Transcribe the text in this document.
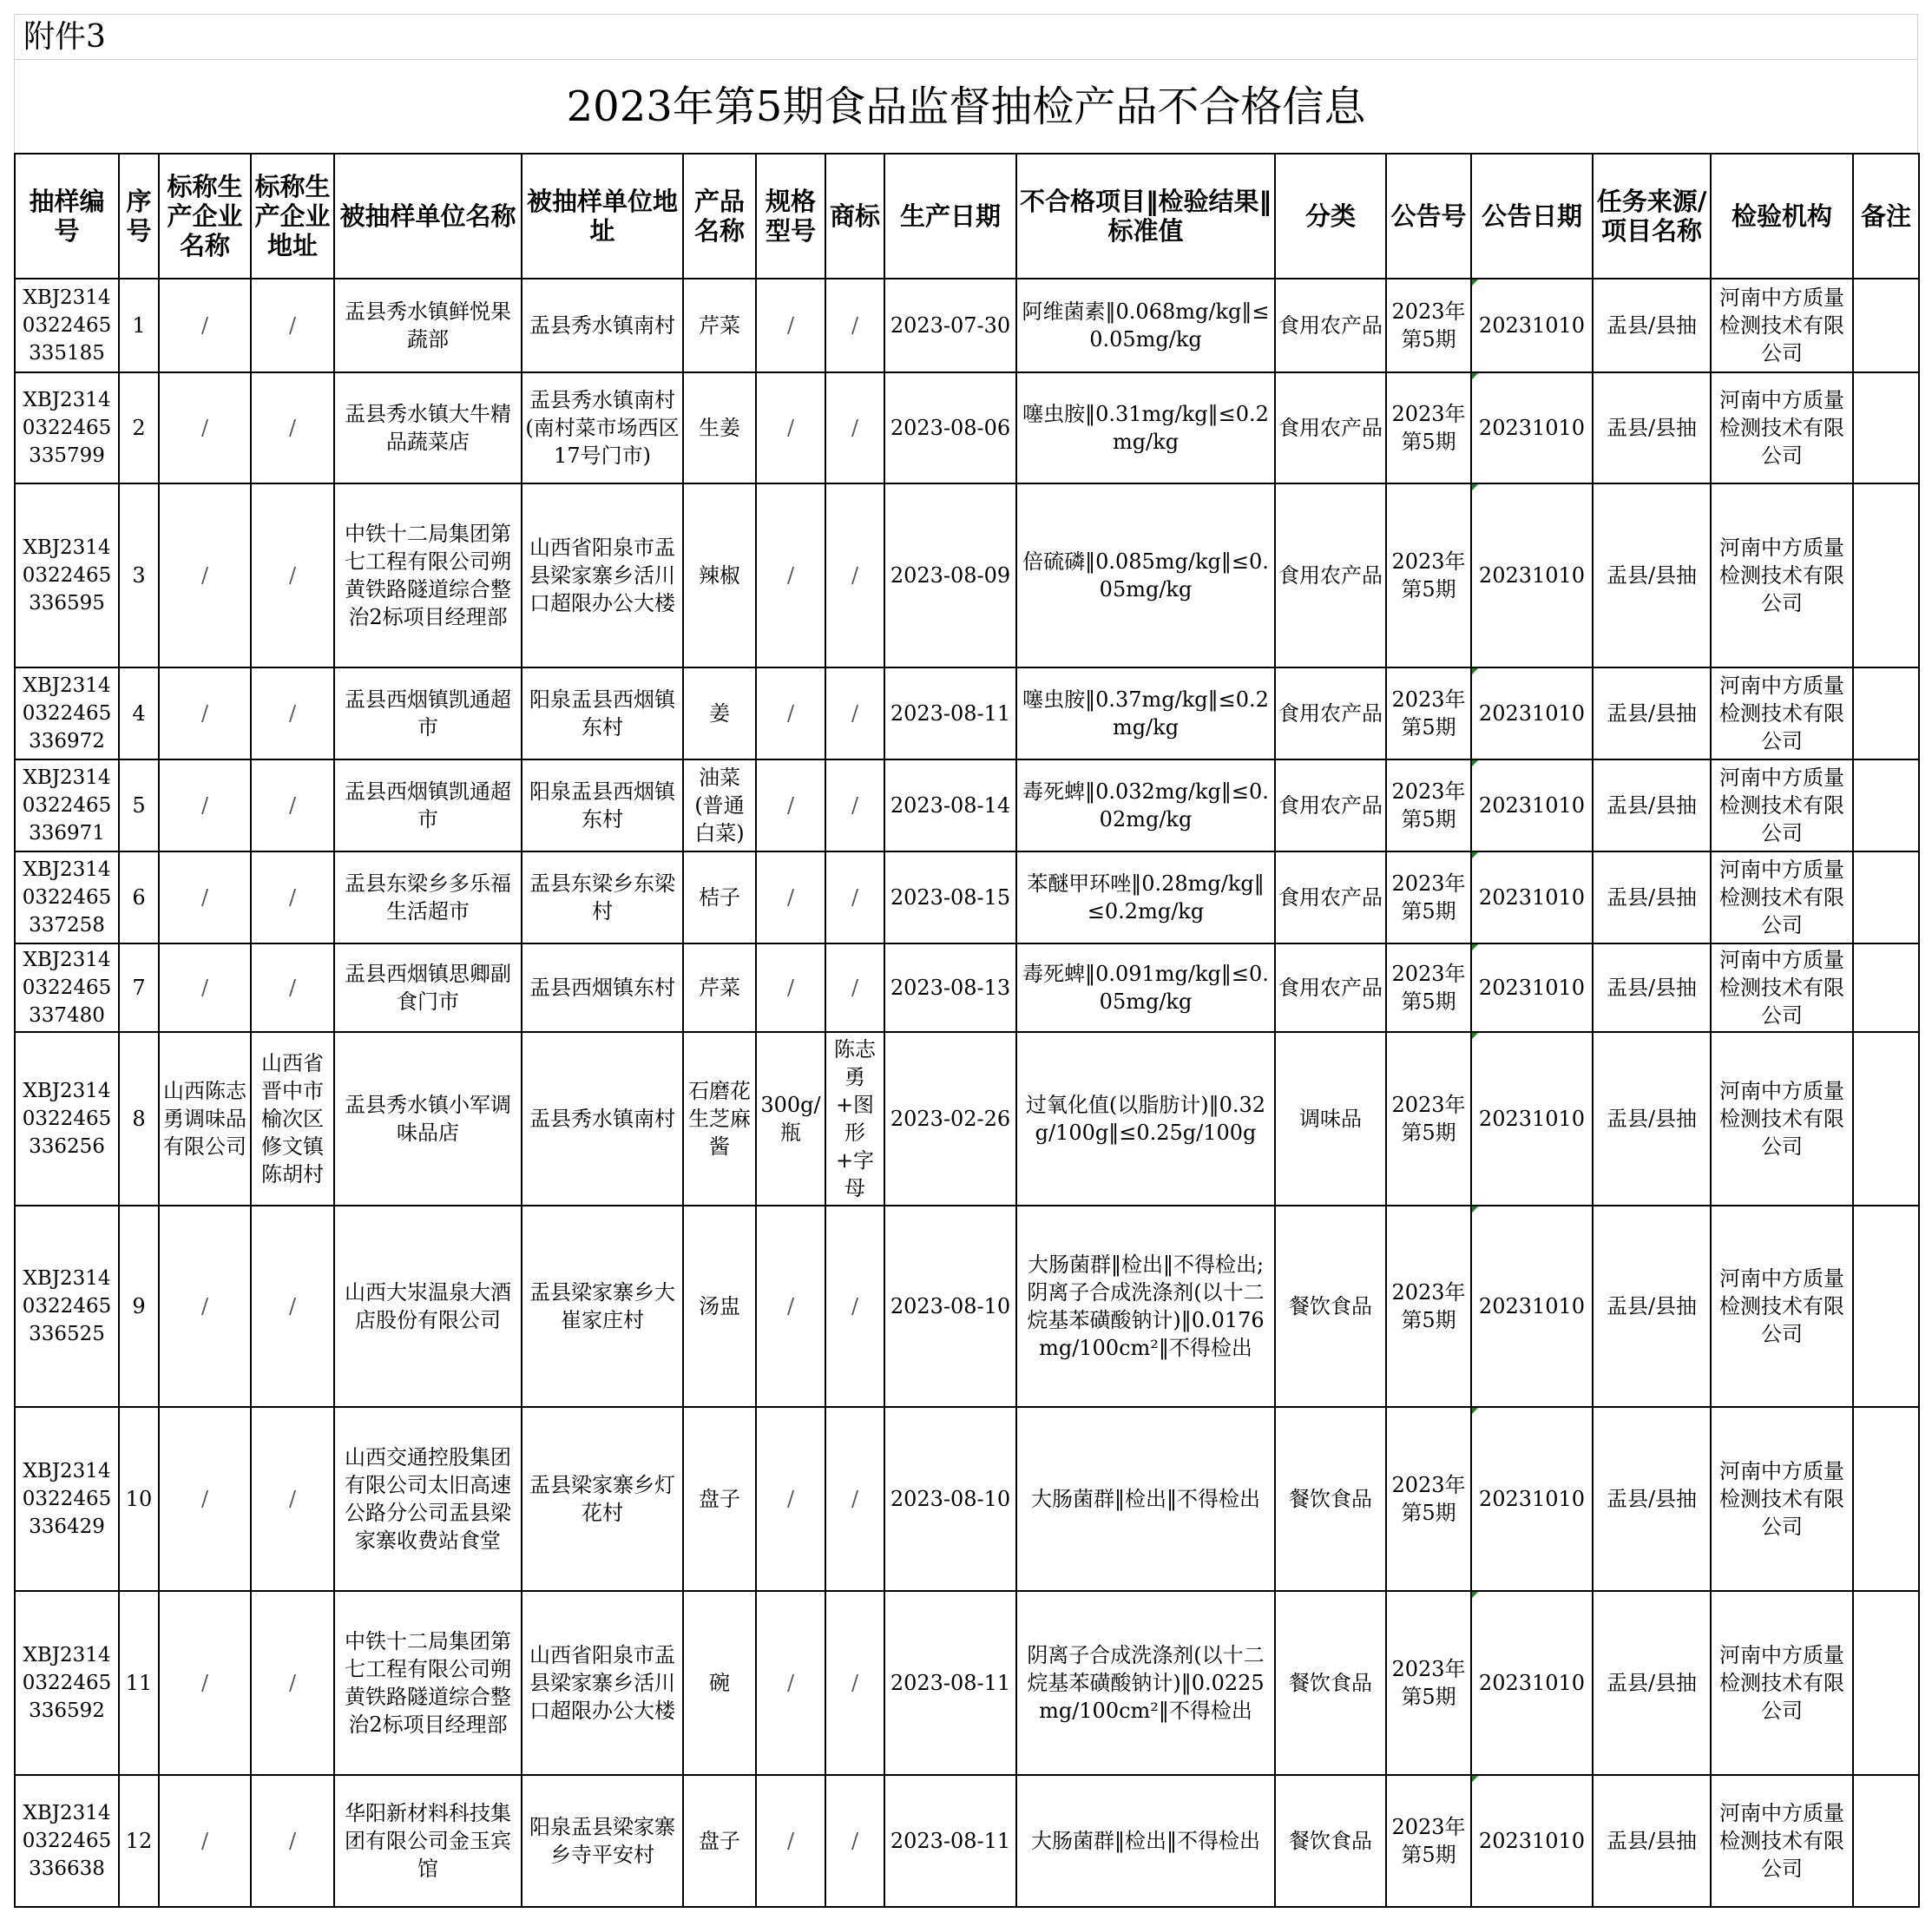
附件3
2023年第5期食品监督抽检产品不合格信息
抽样编号	序号	标称生产企业名称	标称生产企业地址	被抽样单位名称	被抽样单位地址	产品名称	规格型号	商标	生产日期	不合格项目‖检验结果‖标准值	分类	公告号	公告日期	任务来源/项目名称	检验机构	备注
XBJ23140322465335185	1	/	/	盂县秀水镇鲜悦果蔬部	盂县秀水镇南村	芹菜	/	/	2023-07-30	阿维菌素‖0.068mg/kg‖≤0.05mg/kg	食用农产品	2023年第5期	20231010	盂县/县抽	河南中方质量检测技术有限公司	
XBJ23140322465335799	2	/	/	盂县秀水镇大牛精品蔬菜店	盂县秀水镇南村(南村菜市场西区17号门市)	生姜	/	/	2023-08-06	噻虫胺‖0.31mg/kg‖≤0.2mg/kg	食用农产品	2023年第5期	20231010	盂县/县抽	河南中方质量检测技术有限公司	
XBJ23140322465336595	3	/	/	中铁十二局集团第七工程有限公司朔黄铁路隧道综合整治2标项目经理部	山西省阳泉市盂县梁家寨乡活川口超限办公大楼	辣椒	/	/	2023-08-09	倍硫磷‖0.085mg/kg‖≤0.05mg/kg	食用农产品	2023年第5期	20231010	盂县/县抽	河南中方质量检测技术有限公司	
XBJ23140322465336972	4	/	/	盂县西烟镇凯通超市	阳泉盂县西烟镇东村	姜	/	/	2023-08-11	噻虫胺‖0.37mg/kg‖≤0.2mg/kg	食用农产品	2023年第5期	20231010	盂县/县抽	河南中方质量检测技术有限公司	
XBJ23140322465336971	5	/	/	盂县西烟镇凯通超市	阳泉盂县西烟镇东村	油菜(普通白菜)	/	/	2023-08-14	毒死蜱‖0.032mg/kg‖≤0.02mg/kg	食用农产品	2023年第5期	20231010	盂县/县抽	河南中方质量检测技术有限公司	
XBJ23140322465337258	6	/	/	盂县东梁乡多乐福生活超市	盂县东梁乡东梁村	桔子	/	/	2023-08-15	苯醚甲环唑‖0.28mg/kg‖≤0.2mg/kg	食用农产品	2023年第5期	20231010	盂县/县抽	河南中方质量检测技术有限公司	
XBJ23140322465337480	7	/	/	盂县西烟镇思卿副食门市	盂县西烟镇东村	芹菜	/	/	2023-08-13	毒死蜱‖0.091mg/kg‖≤0.05mg/kg	食用农产品	2023年第5期	20231010	盂县/县抽	河南中方质量检测技术有限公司	
XBJ23140322465336256	8	山西陈志勇调味品有限公司	山西省晋中市榆次区修文镇陈胡村	盂县秀水镇小军调味品店	盂县秀水镇南村	石磨花生芝麻酱	300g/瓶	陈志勇+图形+字母	2023-02-26	过氧化值(以脂肪计)‖0.32g/100g‖≤0.25g/100g	调味品	2023年第5期	20231010	盂县/县抽	河南中方质量检测技术有限公司	
XBJ23140322465336525	9	/	/	山西大汖温泉大酒店股份有限公司	盂县梁家寨乡大崔家庄村	汤盅	/	/	2023-08-10	大肠菌群‖检出‖不得检出;
阴离子合成洗涤剂(以十二烷基苯磺酸钠计)‖0.0176mg/100cm²‖不得检出	餐饮食品	2023年第5期	20231010	盂县/县抽	河南中方质量检测技术有限公司	
XBJ23140322465336429	10	/	/	山西交通控股集团有限公司太旧高速公路分公司盂县梁家寨收费站食堂	盂县梁家寨乡灯花村	盘子	/	/	2023-08-10	大肠菌群‖检出‖不得检出	餐饮食品	2023年第5期	20231010	盂县/县抽	河南中方质量检测技术有限公司	
XBJ23140322465336592	11	/	/	中铁十二局集团第七工程有限公司朔黄铁路隧道综合整治2标项目经理部	山西省阳泉市盂县梁家寨乡活川口超限办公大楼	碗	/	/	2023-08-11	阴离子合成洗涤剂(以十二烷基苯磺酸钠计)‖0.0225mg/100cm²‖不得检出	餐饮食品	2023年第5期	20231010	盂县/县抽	河南中方质量检测技术有限公司	
XBJ23140322465336638	12	/	/	华阳新材料科技集团有限公司金玉宾馆	阳泉盂县梁家寨乡寺平安村	盘子	/	/	2023-08-11	大肠菌群‖检出‖不得检出	餐饮食品	2023年第5期	20231010	盂县/县抽	河南中方质量检测技术有限公司	
